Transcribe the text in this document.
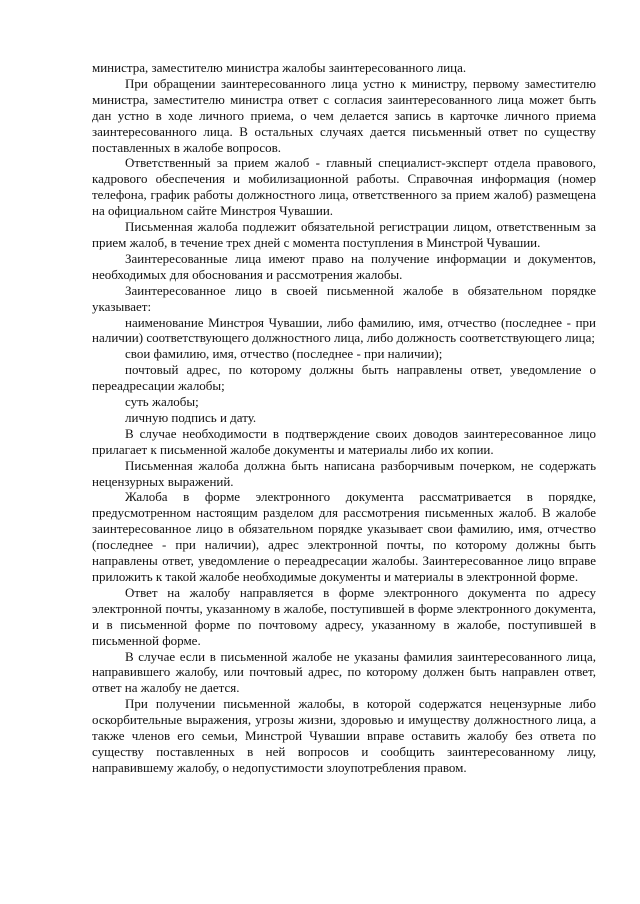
министра, заместителю министра жалобы заинтересованного лица.

При обращении заинтересованного лица устно к министру, первому заместителю министра, заместителю министра ответ с согласия заинтересованного лица может быть дан устно в ходе личного приема, о чем делается запись в карточке личного приема заинтересованного лица. В остальных случаях дается письменный ответ по существу поставленных в жалобе вопросов.

Ответственный за прием жалоб - главный специалист-эксперт отдела правового, кадрового обеспечения и мобилизационной работы. Справочная информация (номер телефона, график работы должностного лица, ответственного за прием жалоб) размещена на официальном сайте Минстроя Чувашии.

Письменная жалоба подлежит обязательной регистрации лицом, ответственным за прием жалоб, в течение трех дней с момента поступления в Минстрой Чувашии.

Заинтересованные лица имеют право на получение информации и документов, необходимых для обоснования и рассмотрения жалобы.

Заинтересованное лицо в своей письменной жалобе в обязательном порядке указывает:

наименование Минстроя Чувашии, либо фамилию, имя, отчество (последнее - при наличии) соответствующего должностного лица, либо должность соответствующего лица;

свои фамилию, имя, отчество (последнее - при наличии);

почтовый адрес, по которому должны быть направлены ответ, уведомление о переадресации жалобы;

суть жалобы;

личную подпись и дату.

В случае необходимости в подтверждение своих доводов заинтересованное лицо прилагает к письменной жалобе документы и материалы либо их копии.

Письменная жалоба должна быть написана разборчивым почерком, не содержать нецензурных выражений.

Жалоба в форме электронного документа рассматривается в порядке, предусмотренном настоящим разделом для рассмотрения письменных жалоб. В жалобе заинтересованное лицо в обязательном порядке указывает свои фамилию, имя, отчество (последнее - при наличии), адрес электронной почты, по которому должны быть направлены ответ, уведомление о переадресации жалобы. Заинтересованное лицо вправе приложить к такой жалобе необходимые документы и материалы в электронной форме.

Ответ на жалобу направляется в форме электронного документа по адресу электронной почты, указанному в жалобе, поступившей в форме электронного документа, и в письменной форме по почтовому адресу, указанному в жалобе, поступившей в письменной форме.

В случае если в письменной жалобе не указаны фамилия заинтересованного лица, направившего жалобу, или почтовый адрес, по которому должен быть направлен ответ, ответ на жалобу не дается.

При получении письменной жалобы, в которой содержатся нецензурные либо оскорбительные выражения, угрозы жизни, здоровью и имуществу должностного лица, а также членов его семьи, Минстрой Чувашии вправе оставить жалобу без ответа по существу поставленных в ней вопросов и сообщить заинтересованному лицу, направившему жалобу, о недопустимости злоупотребления правом.
